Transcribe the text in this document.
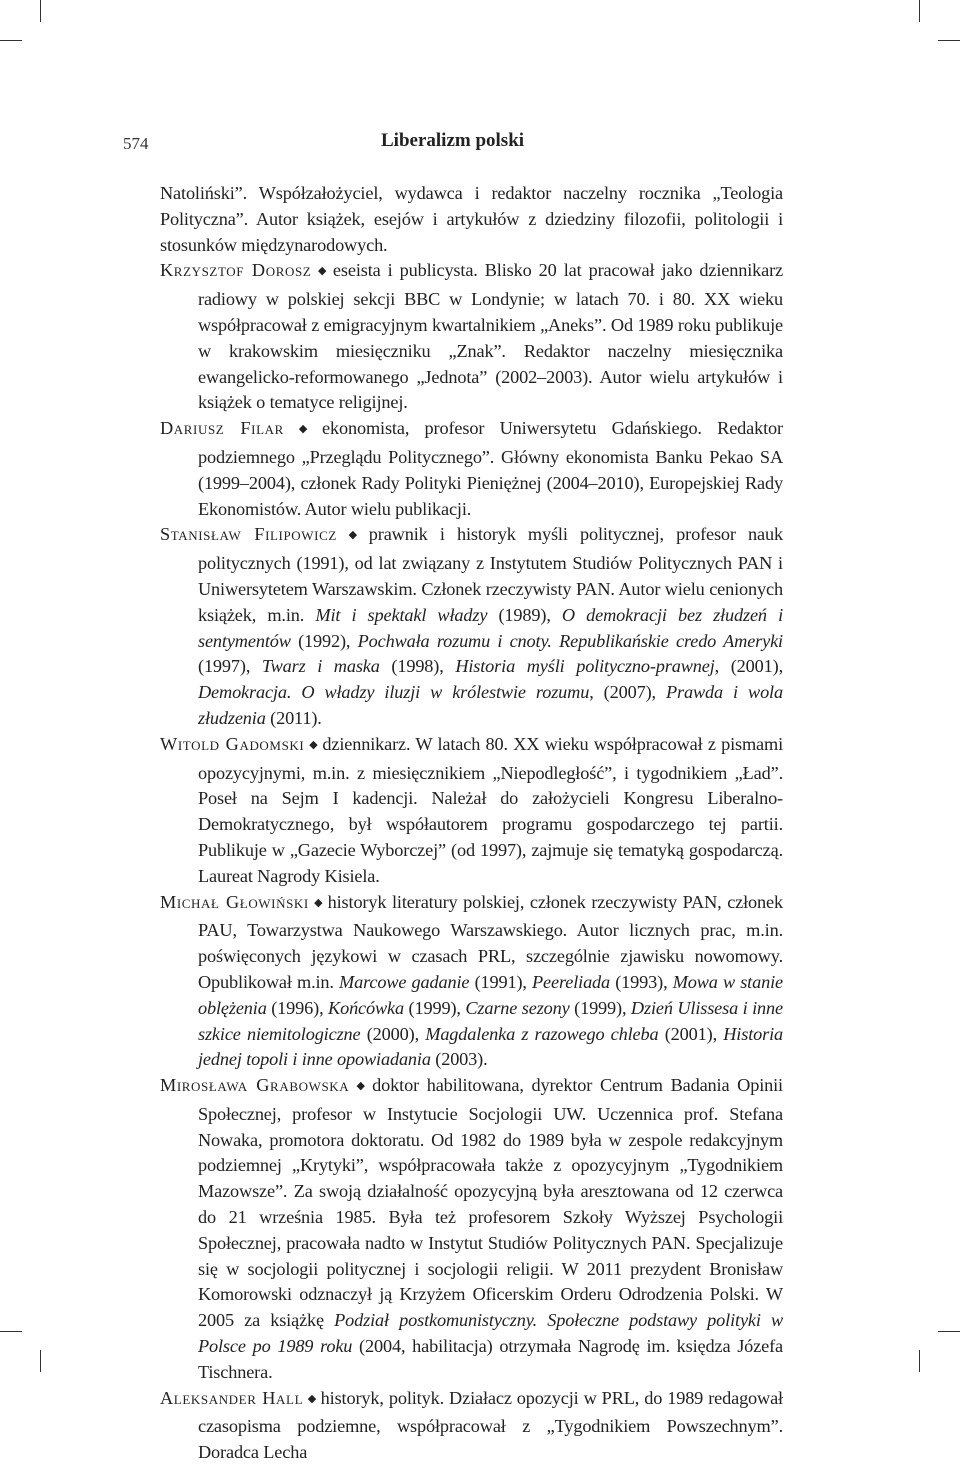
574	Liberalizm polski

Natoliński”. Współzałożyciel, wydawca i redaktor naczelny rocznika „Teologia Polityczna”. Autor książek, esejów i artykułów z dziedziny filozofii, politologii i stosunków międzynarodowych.

Krzysztof Dorosz ◆ eseista i publicysta. Blisko 20 lat pracował jako dziennikarz radiowy w polskiej sekcji BBC w Londynie; w latach 70. i 80. XX wieku współpracował z emigracyjnym kwartalnikiem „Aneks”. Od 1989 roku publikuje w krakowskim miesięczniku „Znak”. Redaktor naczelny miesięcznika ewangelicko-reformowanego „Jednota” (2002–2003). Autor wielu artykułów i książek o tematyce religijnej.

Dariusz Filar ◆ ekonomista, profesor Uniwersytetu Gdańskiego. Redaktor podziemnego „Przeglądu Politycznego”. Główny ekonomista Banku Pekao SA (1999–2004), członek Rady Polityki Pieniężnej (2004–2010), Europejskiej Rady Ekonomistów. Autor wielu publikacji.

Stanisław Filipowicz ◆ prawnik i historyk myśli politycznej, profesor nauk politycznych (1991), od lat związany z Instytutem Studiów Politycznych PAN i Uniwersytetem Warszawskim. Członek rzeczywisty PAN. Autor wielu cenionych książek, m.in. Mit i spektakl władzy (1989), O demokracji bez złudzeń i sentymentów (1992), Pochwała rozumu i cnoty. Republikańskie credo Ameryki (1997), Twarz i maska (1998), Historia myśli polityczno-prawnej, (2001), Demokracja. O władzy iluzji w królestwie rozumu, (2007), Prawda i wola złudzenia (2011).

Witold Gadomski ◆ dziennikarz. W latach 80. XX wieku współpracował z pismami opozycyjnymi, m.in. z miesięcznikiem „Niepodległość”, i tygodnikiem „Ład”. Poseł na Sejm I kadencji. Należał do założycieli Kongresu Liberalno-Demokratycznego, był współautorem programu gospodarczego tej partii. Publikuje w „Gazecie Wyborczej” (od 1997), zajmuje się tematyką gospodarczą. Laureat Nagrody Kisiela.

Michał Głowiński ◆ historyk literatury polskiej, członek rzeczywisty PAN, członek PAU, Towarzystwa Naukowego Warszawskiego. Autor licznych prac, m.in. poświęconych językowi w czasach PRL, szczególnie zjawisku nowomowy. Opublikował m.in. Marcowe gadanie (1991), Peereliada (1993), Mowa w stanie oblężenia (1996), Końcówka (1999), Czarne sezony (1999), Dzień Ulissesa i inne szkice niemitologiczne (2000), Magdalenka z razowego chleba (2001), Historia jednej topoli i inne opowiadania (2003).

Mirosława Grabowska ◆ doktor habilitowana, dyrektor Centrum Badania Opinii Społecznej, profesor w Instytucie Socjologii UW. Uczennica prof. Stefana Nowaka, promotora doktoratu. Od 1982 do 1989 była w zespole redakcyjnym podziemnej „Krytyki”, współpracowała także z opozycyjnym „Tygodnikiem Mazowsze”. Za swoją działalność opozycyjną była aresztowana od 12 czerwca do 21 września 1985. Była też profesorem Szkoły Wyższej Psychologii Społecznej, pracowała nadto w Instytut Studiów Politycznych PAN. Specjalizuje się w socjologii politycznej i socjologii religii. W 2011 prezydent Bronisław Komorowski odznaczył ją Krzyżem Oficerskim Orderu Odrodzenia Polski. W 2005 za książkę Podział postkomunistyczny. Społeczne podstawy polityki w Polsce po 1989 roku (2004, habilitacja) otrzymała Nagrodę im. księdza Józefa Tischnera.

Aleksander Hall ◆ historyk, polityk. Działacz opozycji w PRL, do 1989 redagował czasopisma podziemne, współpracował z „Tygodnikiem Powszechnym”. Doradca Lecha
